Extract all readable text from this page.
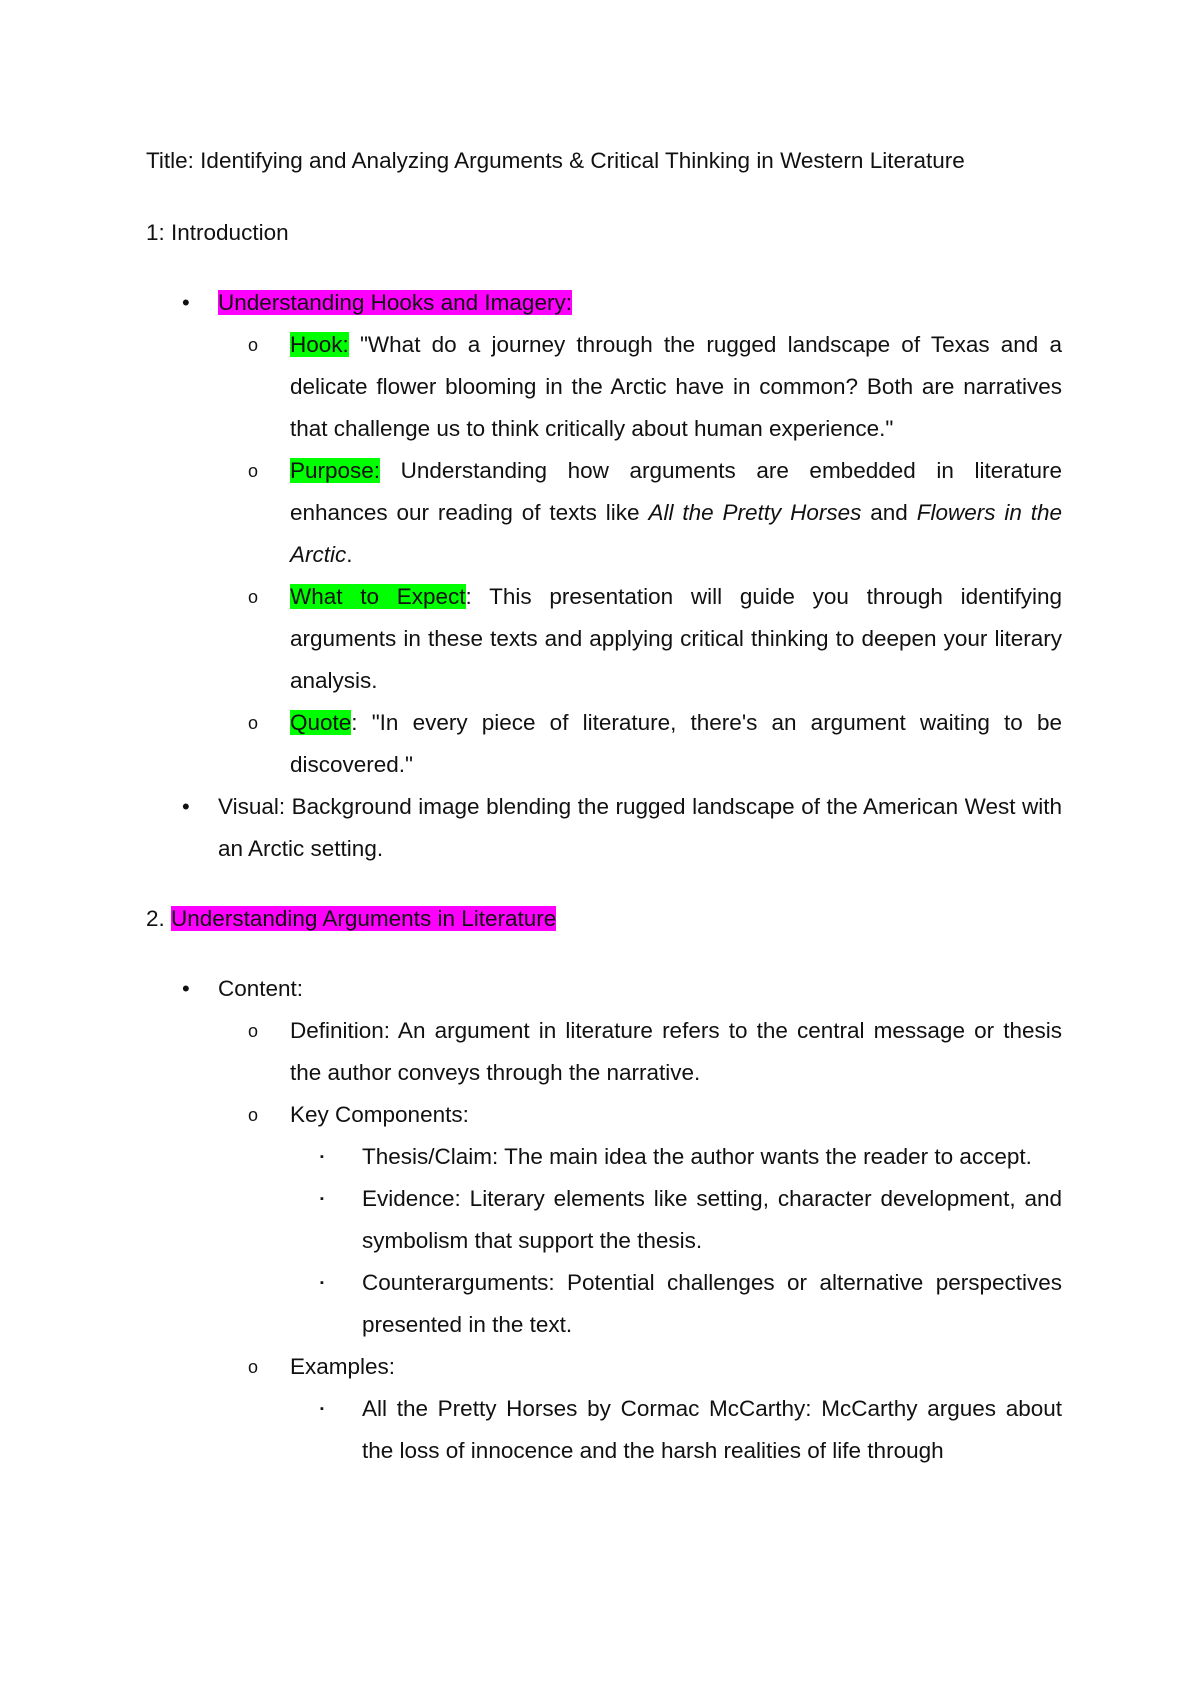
Title: Identifying and Analyzing Arguments & Critical Thinking in Western Literature
1: Introduction
• Understanding Hooks and Imagery:
o Hook: "What do a journey through the rugged landscape of Texas and a delicate flower blooming in the Arctic have in common? Both are narratives that challenge us to think critically about human experience."
o Purpose: Understanding how arguments are embedded in literature enhances our reading of texts like All the Pretty Horses and Flowers in the Arctic.
o What to Expect: This presentation will guide you through identifying arguments in these texts and applying critical thinking to deepen your literary analysis.
o Quote: "In every piece of literature, there's an argument waiting to be discovered."
• Visual: Background image blending the rugged landscape of the American West with an Arctic setting.
2. Understanding Arguments in Literature
• Content:
o Definition: An argument in literature refers to the central message or thesis the author conveys through the narrative.
o Key Components:
▪ Thesis/Claim: The main idea the author wants the reader to accept.
▪ Evidence: Literary elements like setting, character development, and symbolism that support the thesis.
▪ Counterarguments: Potential challenges or alternative perspectives presented in the text.
o Examples:
▪ All the Pretty Horses by Cormac McCarthy: McCarthy argues about the loss of innocence and the harsh realities of life through
